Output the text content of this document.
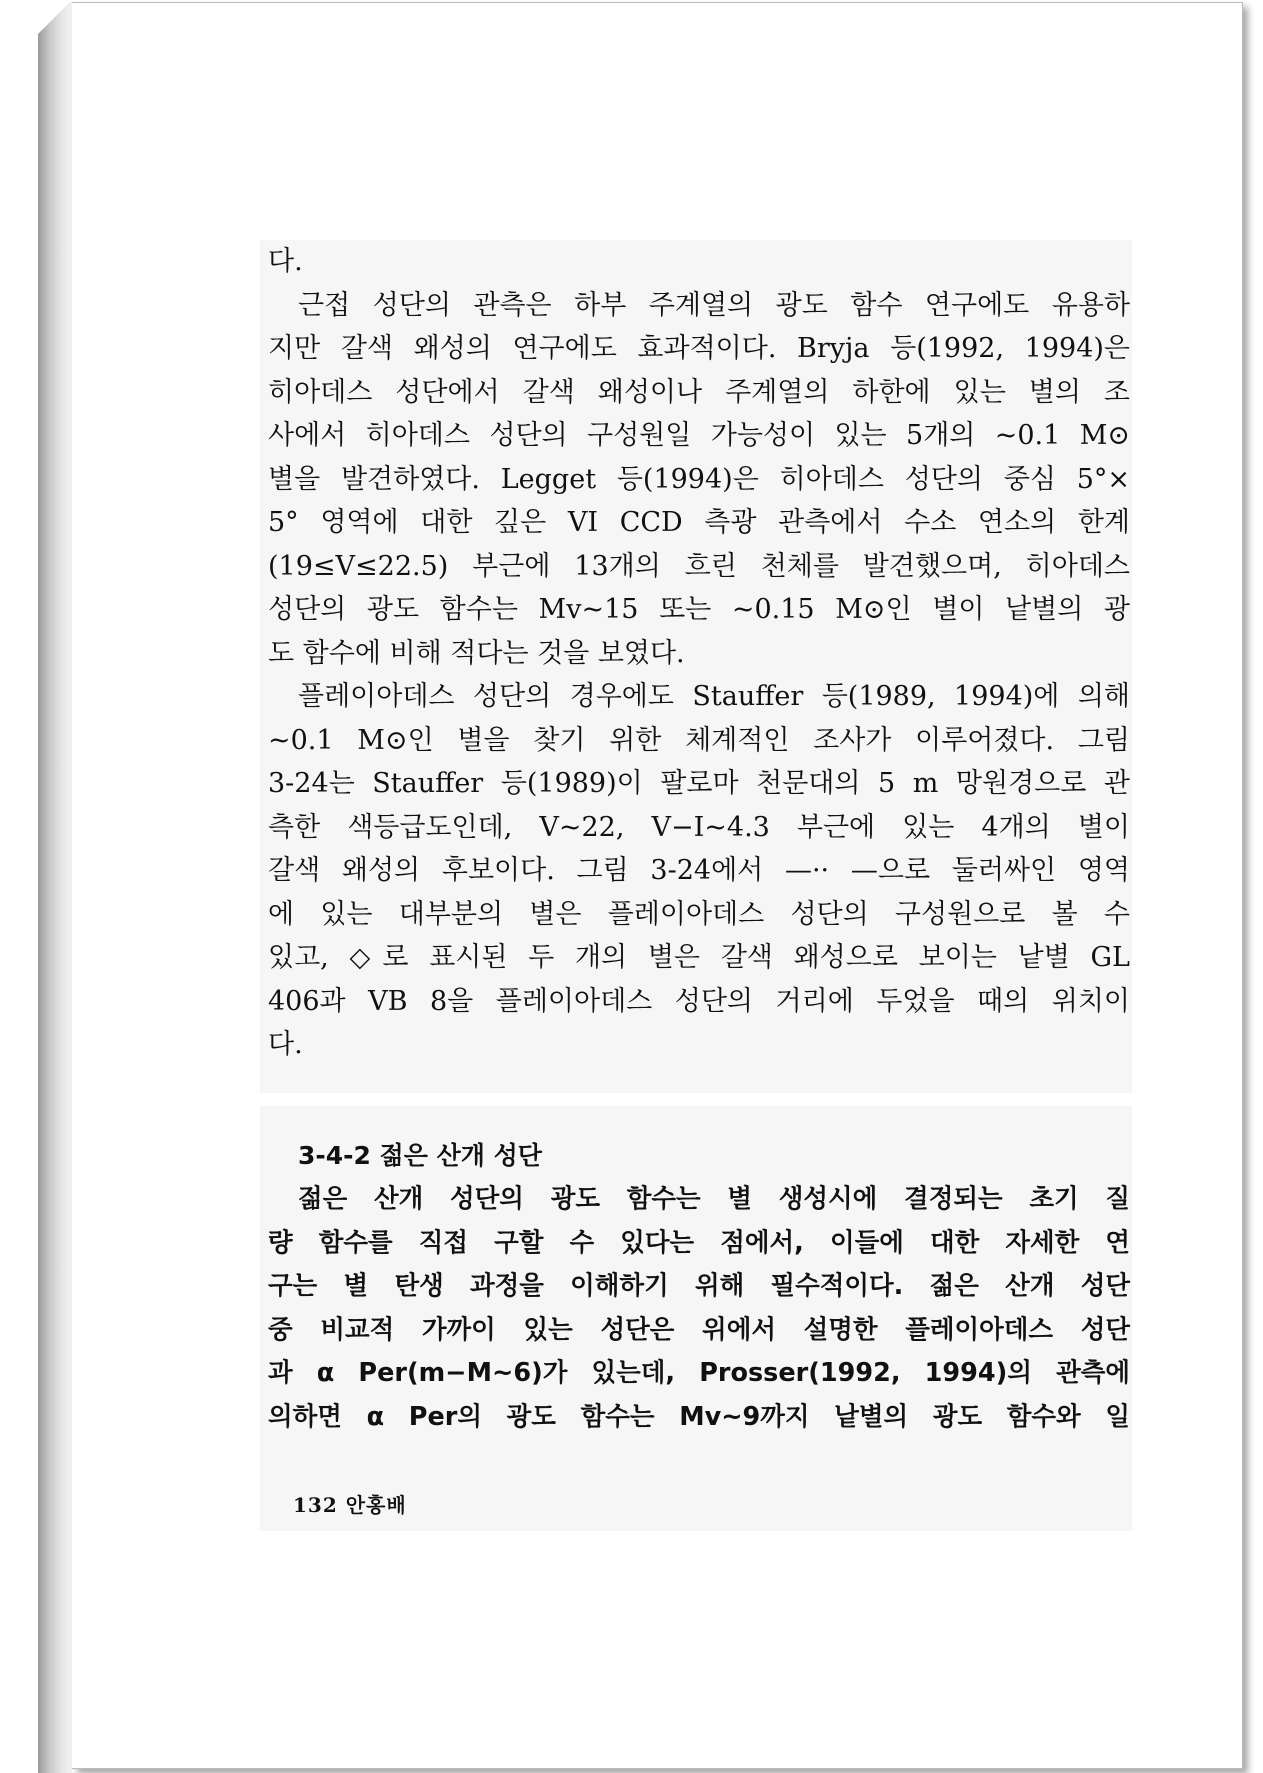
다.
근접 성단의 관측은 하부 주계열의 광도 함수 연구에도 유용하
지만 갈색 왜성의 연구에도 효과적이다. Bryja 등(1992, 1994)은
히아데스 성단에서 갈색 왜성이나 주계열의 하한에 있는 별의 조
사에서 히아데스 성단의 구성원일 가능성이 있는 5개의 ~0.1 M⊙
별을 발견하였다. Legget 등(1994)은 히아데스 성단의 중심 5°×
5° 영역에 대한 깊은 VI CCD 측광 관측에서 수소 연소의 한계
(19≤V≤22.5) 부근에 13개의 흐린 천체를 발견했으며, 히아데스
성단의 광도 함수는 Mv~15 또는 ~0.15 M⊙인 별이 낱별의 광
도 함수에 비해 적다는 것을 보였다.
플레이아데스 성단의 경우에도 Stauffer 등(1989, 1994)에 의해
~0.1 M⊙인 별을 찾기 위한 체계적인 조사가 이루어졌다. 그림
3-24는 Stauffer 등(1989)이 팔로마 천문대의 5 m 망원경으로 관
측한 색등급도인데, V~22, V−I~4.3 부근에 있는 4개의 별이
갈색 왜성의 후보이다. 그림 3-24에서 —·· —으로 둘러싸인 영역
에 있는 대부분의 별은 플레이아데스 성단의 구성원으로 볼 수
있고, ◇로 표시된 두 개의 별은 갈색 왜성으로 보이는 낱별 GL
406과 VB 8을 플레이아데스 성단의 거리에 두었을 때의 위치이
다.
3-4-2 젊은 산개 성단
젊은 산개 성단의 광도 함수는 별 생성시에 결정되는 초기 질
량 함수를 직접 구할 수 있다는 점에서, 이들에 대한 자세한 연
구는 별 탄생 과정을 이해하기 위해 필수적이다. 젊은 산개 성단
중 비교적 가까이 있는 성단은 위에서 설명한 플레이아데스 성단
과 α Per(m−M~6)가 있는데, Prosser(1992, 1994)의 관측에
의하면 α Per의 광도 함수는 Mv~9까지 낱별의 광도 함수와 일
132 안홍배
